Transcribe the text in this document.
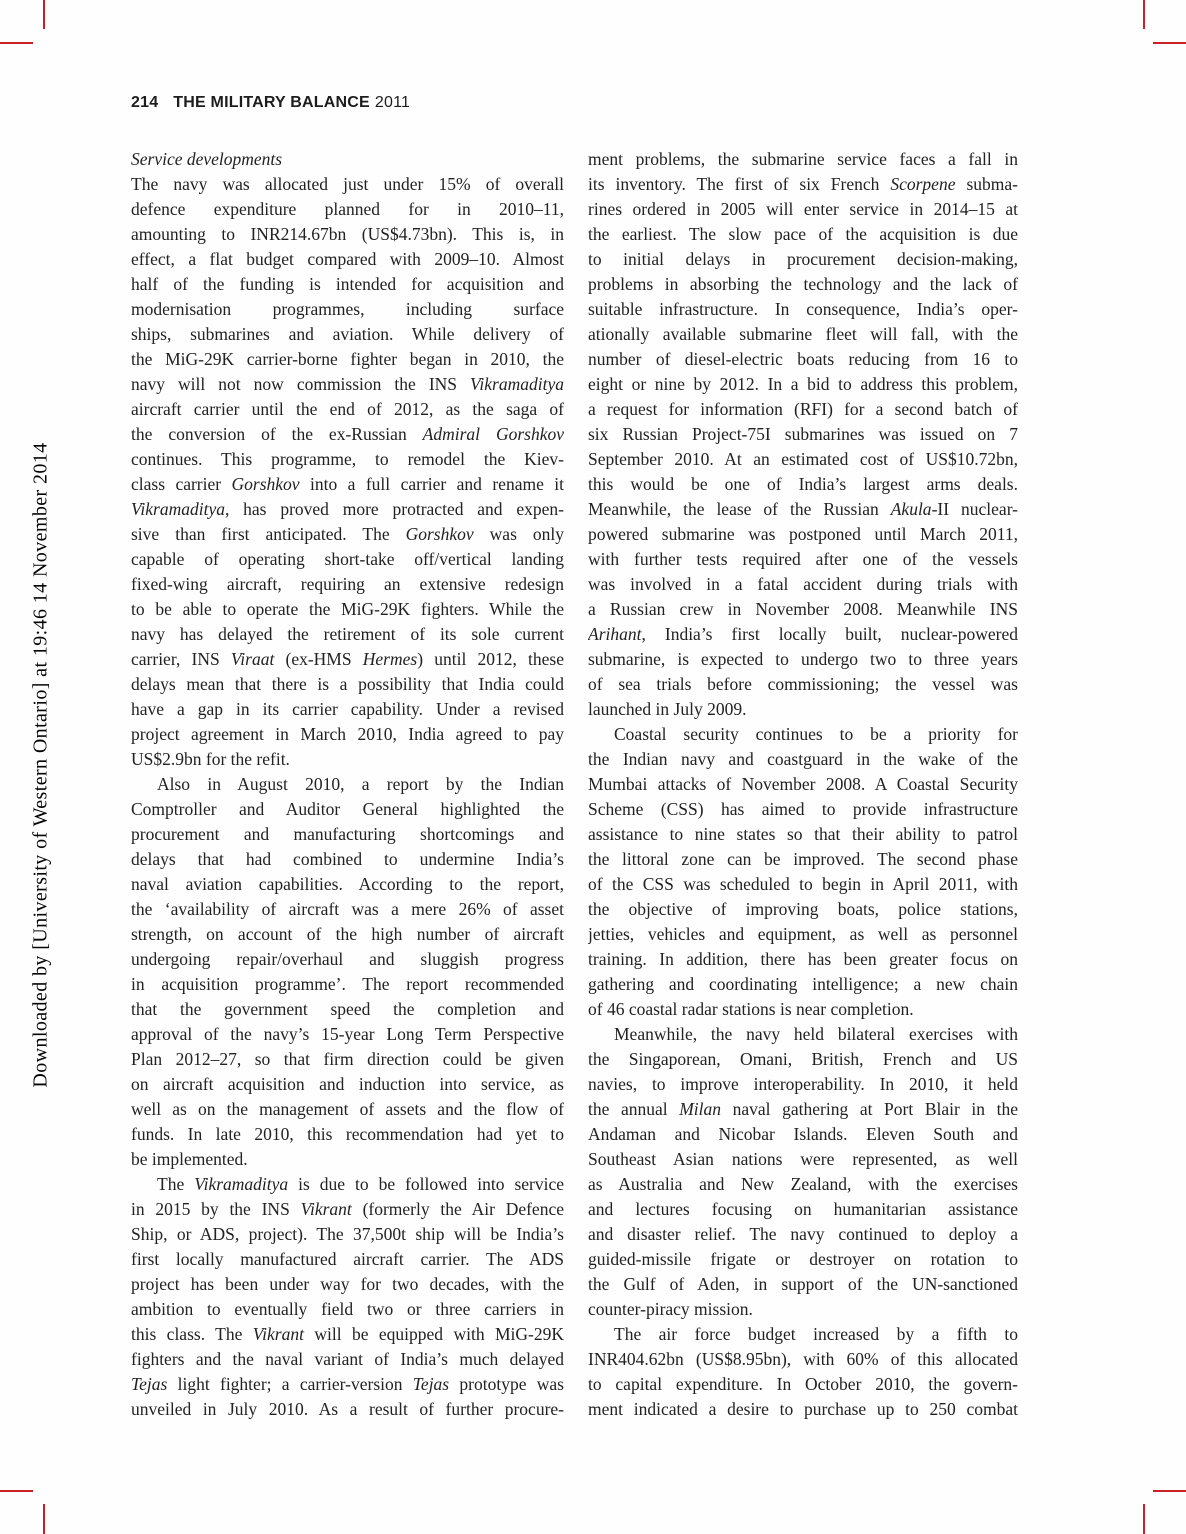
Downloaded by [University of Western Ontario] at 19:46 14 November 2014
214 THE MILITARY BALANCE 2011
Service developments
The navy was allocated just under 15% of overall
defence expenditure planned for in 2010–11,
amounting to INR214.67bn (US$4.73bn). This is, in
effect, a flat budget compared with 2009–10. Almost
half of the funding is intended for acquisition and
modernisation programmes, including surface
ships, submarines and aviation. While delivery of
the MiG-29K carrier-borne fighter began in 2010, the
navy will not now commission the INS Vikramaditya
aircraft carrier until the end of 2012, as the saga of
the conversion of the ex-Russian Admiral Gorshkov
continues. This programme, to remodel the Kiev-
class carrier Gorshkov into a full carrier and rename it
Vikramaditya, has proved more protracted and expen-
sive than first anticipated. The Gorshkov was only
capable of operating short-take off/vertical landing
fixed-wing aircraft, requiring an extensive redesign
to be able to operate the MiG-29K fighters. While the
navy has delayed the retirement of its sole current
carrier, INS Viraat (ex-HMS Hermes) until 2012, these
delays mean that there is a possibility that India could
have a gap in its carrier capability. Under a revised
project agreement in March 2010, India agreed to pay
US$2.9bn for the refit.
Also in August 2010, a report by the Indian
Comptroller and Auditor General highlighted the
procurement and manufacturing shortcomings and
delays that had combined to undermine India’s
naval aviation capabilities. According to the report,
the ‘availability of aircraft was a mere 26% of asset
strength, on account of the high number of aircraft
undergoing repair/overhaul and sluggish progress
in acquisition programme’. The report recommended
that the government speed the completion and
approval of the navy’s 15-year Long Term Perspective
Plan 2012–27, so that firm direction could be given
on aircraft acquisition and induction into service, as
well as on the management of assets and the flow of
funds. In late 2010, this recommendation had yet to
be implemented.
The Vikramaditya is due to be followed into service
in 2015 by the INS Vikrant (formerly the Air Defence
Ship, or ADS, project). The 37,500t ship will be India’s
first locally manufactured aircraft carrier. The ADS
project has been under way for two decades, with the
ambition to eventually field two or three carriers in
this class. The Vikrant will be equipped with MiG-29K
fighters and the naval variant of India’s much delayed
Tejas light fighter; a carrier-version Tejas prototype was
unveiled in July 2010. As a result of further procure-
ment problems, the submarine service faces a fall in
its inventory. The first of six French Scorpene subma-
rines ordered in 2005 will enter service in 2014–15 at
the earliest. The slow pace of the acquisition is due
to initial delays in procurement decision-making,
problems in absorbing the technology and the lack of
suitable infrastructure. In consequence, India’s oper-
ationally available submarine fleet will fall, with the
number of diesel-electric boats reducing from 16 to
eight or nine by 2012. In a bid to address this problem,
a request for information (RFI) for a second batch of
six Russian Project-75I submarines was issued on 7
September 2010. At an estimated cost of US$10.72bn,
this would be one of India’s largest arms deals.
Meanwhile, the lease of the Russian Akula-II nuclear-
powered submarine was postponed until March 2011,
with further tests required after one of the vessels
was involved in a fatal accident during trials with
a Russian crew in November 2008. Meanwhile INS
Arihant, India’s first locally built, nuclear-powered
submarine, is expected to undergo two to three years
of sea trials before commissioning; the vessel was
launched in July 2009.
Coastal security continues to be a priority for
the Indian navy and coastguard in the wake of the
Mumbai attacks of November 2008. A Coastal Security
Scheme (CSS) has aimed to provide infrastructure
assistance to nine states so that their ability to patrol
the littoral zone can be improved. The second phase
of the CSS was scheduled to begin in April 2011, with
the objective of improving boats, police stations,
jetties, vehicles and equipment, as well as personnel
training. In addition, there has been greater focus on
gathering and coordinating intelligence; a new chain
of 46 coastal radar stations is near completion.
Meanwhile, the navy held bilateral exercises with
the Singaporean, Omani, British, French and US
navies, to improve interoperability. In 2010, it held
the annual Milan naval gathering at Port Blair in the
Andaman and Nicobar Islands. Eleven South and
Southeast Asian nations were represented, as well
as Australia and New Zealand, with the exercises
and lectures focusing on humanitarian assistance
and disaster relief. The navy continued to deploy a
guided-missile frigate or destroyer on rotation to
the Gulf of Aden, in support of the UN-sanctioned
counter-piracy mission.
The air force budget increased by a fifth to
INR404.62bn (US$8.95bn), with 60% of this allocated
to capital expenditure. In October 2010, the govern-
ment indicated a desire to purchase up to 250 combat
